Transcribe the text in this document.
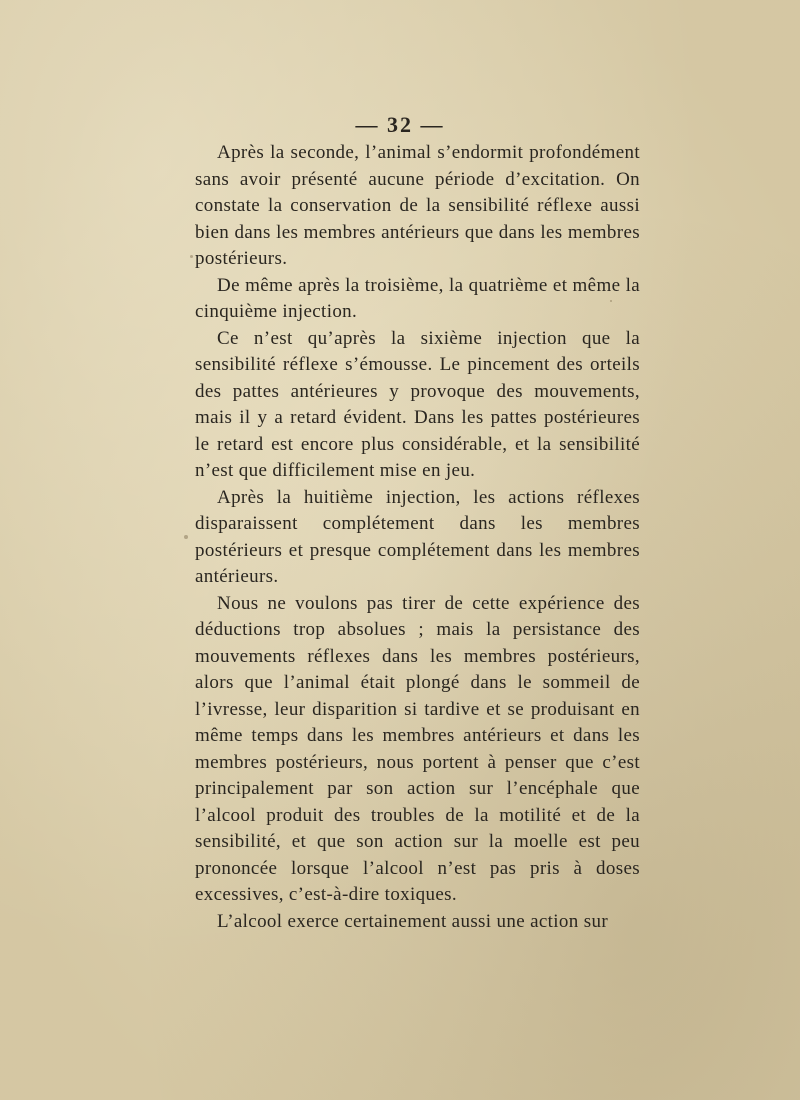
— 32 —

Après la seconde, l’animal s’endormit profondément sans avoir présenté aucune période d’excitation. On constate la conservation de la sensibilité réflexe aussi bien dans les membres antérieurs que dans les membres postérieurs.

De même après la troisième, la quatrième et même la cinquième injection.

Ce n’est qu’après la sixième injection que la sensibilité réflexe s’émousse. Le pincement des orteils des pattes antérieures y provoque des mouvements, mais il y a retard évident. Dans les pattes postérieures le retard est encore plus considérable, et la sensibilité n’est que difficilement mise en jeu.

Après la huitième injection, les actions réflexes disparaissent complétement dans les membres postérieurs et presque complétement dans les membres antérieurs.

Nous ne voulons pas tirer de cette expérience des déductions trop absolues ; mais la persistance des mouvements réflexes dans les membres postérieurs, alors que l’animal était plongé dans le sommeil de l’ivresse, leur disparition si tardive et se produisant en même temps dans les membres antérieurs et dans les membres postérieurs, nous portent à penser que c’est principalement par son action sur l’encéphale que l’alcool produit des troubles de la motilité et de la sensibilité, et que son action sur la moelle est peu prononcée lorsque l’alcool n’est pas pris à doses excessives, c’est-à-dire toxiques.

L’alcool exerce certainement aussi une action sur
